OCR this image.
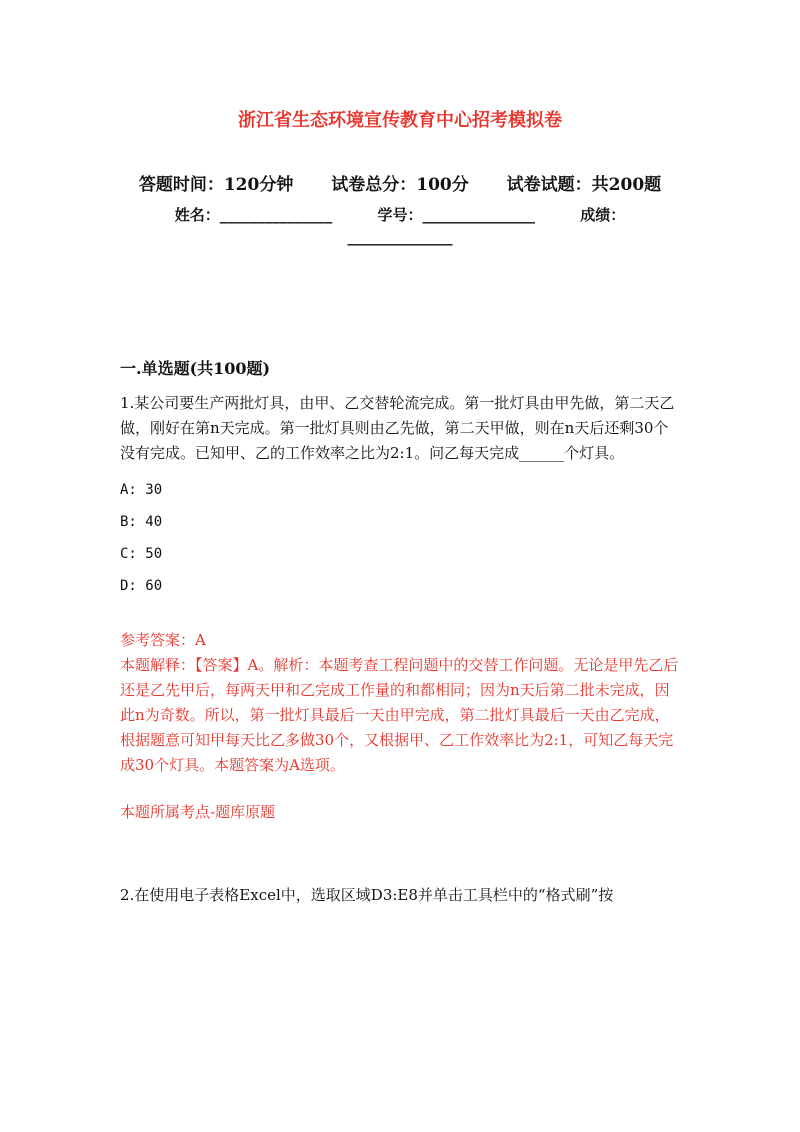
浙江省生态环境宣传教育中心招考模拟卷
答题时间：120分钟 试卷总分：100分 试卷试题：共200题
姓名：_______________	学号：_______________	成绩：
______________
一.单选题(共100题)
1.某公司要生产两批灯具，由甲、乙交替轮流完成。第一批灯具由甲先做，第二天乙做，刚好在第n天完成。第一批灯具则由乙先做，第二天甲做，则在n天后还剩30个没有完成。已知甲、乙的工作效率之比为2:1。问乙每天完成______个灯具。
A: 30
B: 40
C: 50
D: 60
参考答案：A
本题解释：【答案】A。解析：本题考查工程问题中的交替工作问题。无论是甲先乙后还是乙先甲后，每两天甲和乙完成工作量的和都相同；因为n天后第二批未完成，因此n为奇数。所以，第一批灯具最后一天由甲完成，第二批灯具最后一天由乙完成，根据题意可知甲每天比乙多做30个，又根据甲、乙工作效率比为2:1，可知乙每天完成30个灯具。本题答案为A选项。
本题所属考点-题库原题
2.在使用电子表格Excel中，选取区域D3:E8并单击工具栏中的“格式刷”按
